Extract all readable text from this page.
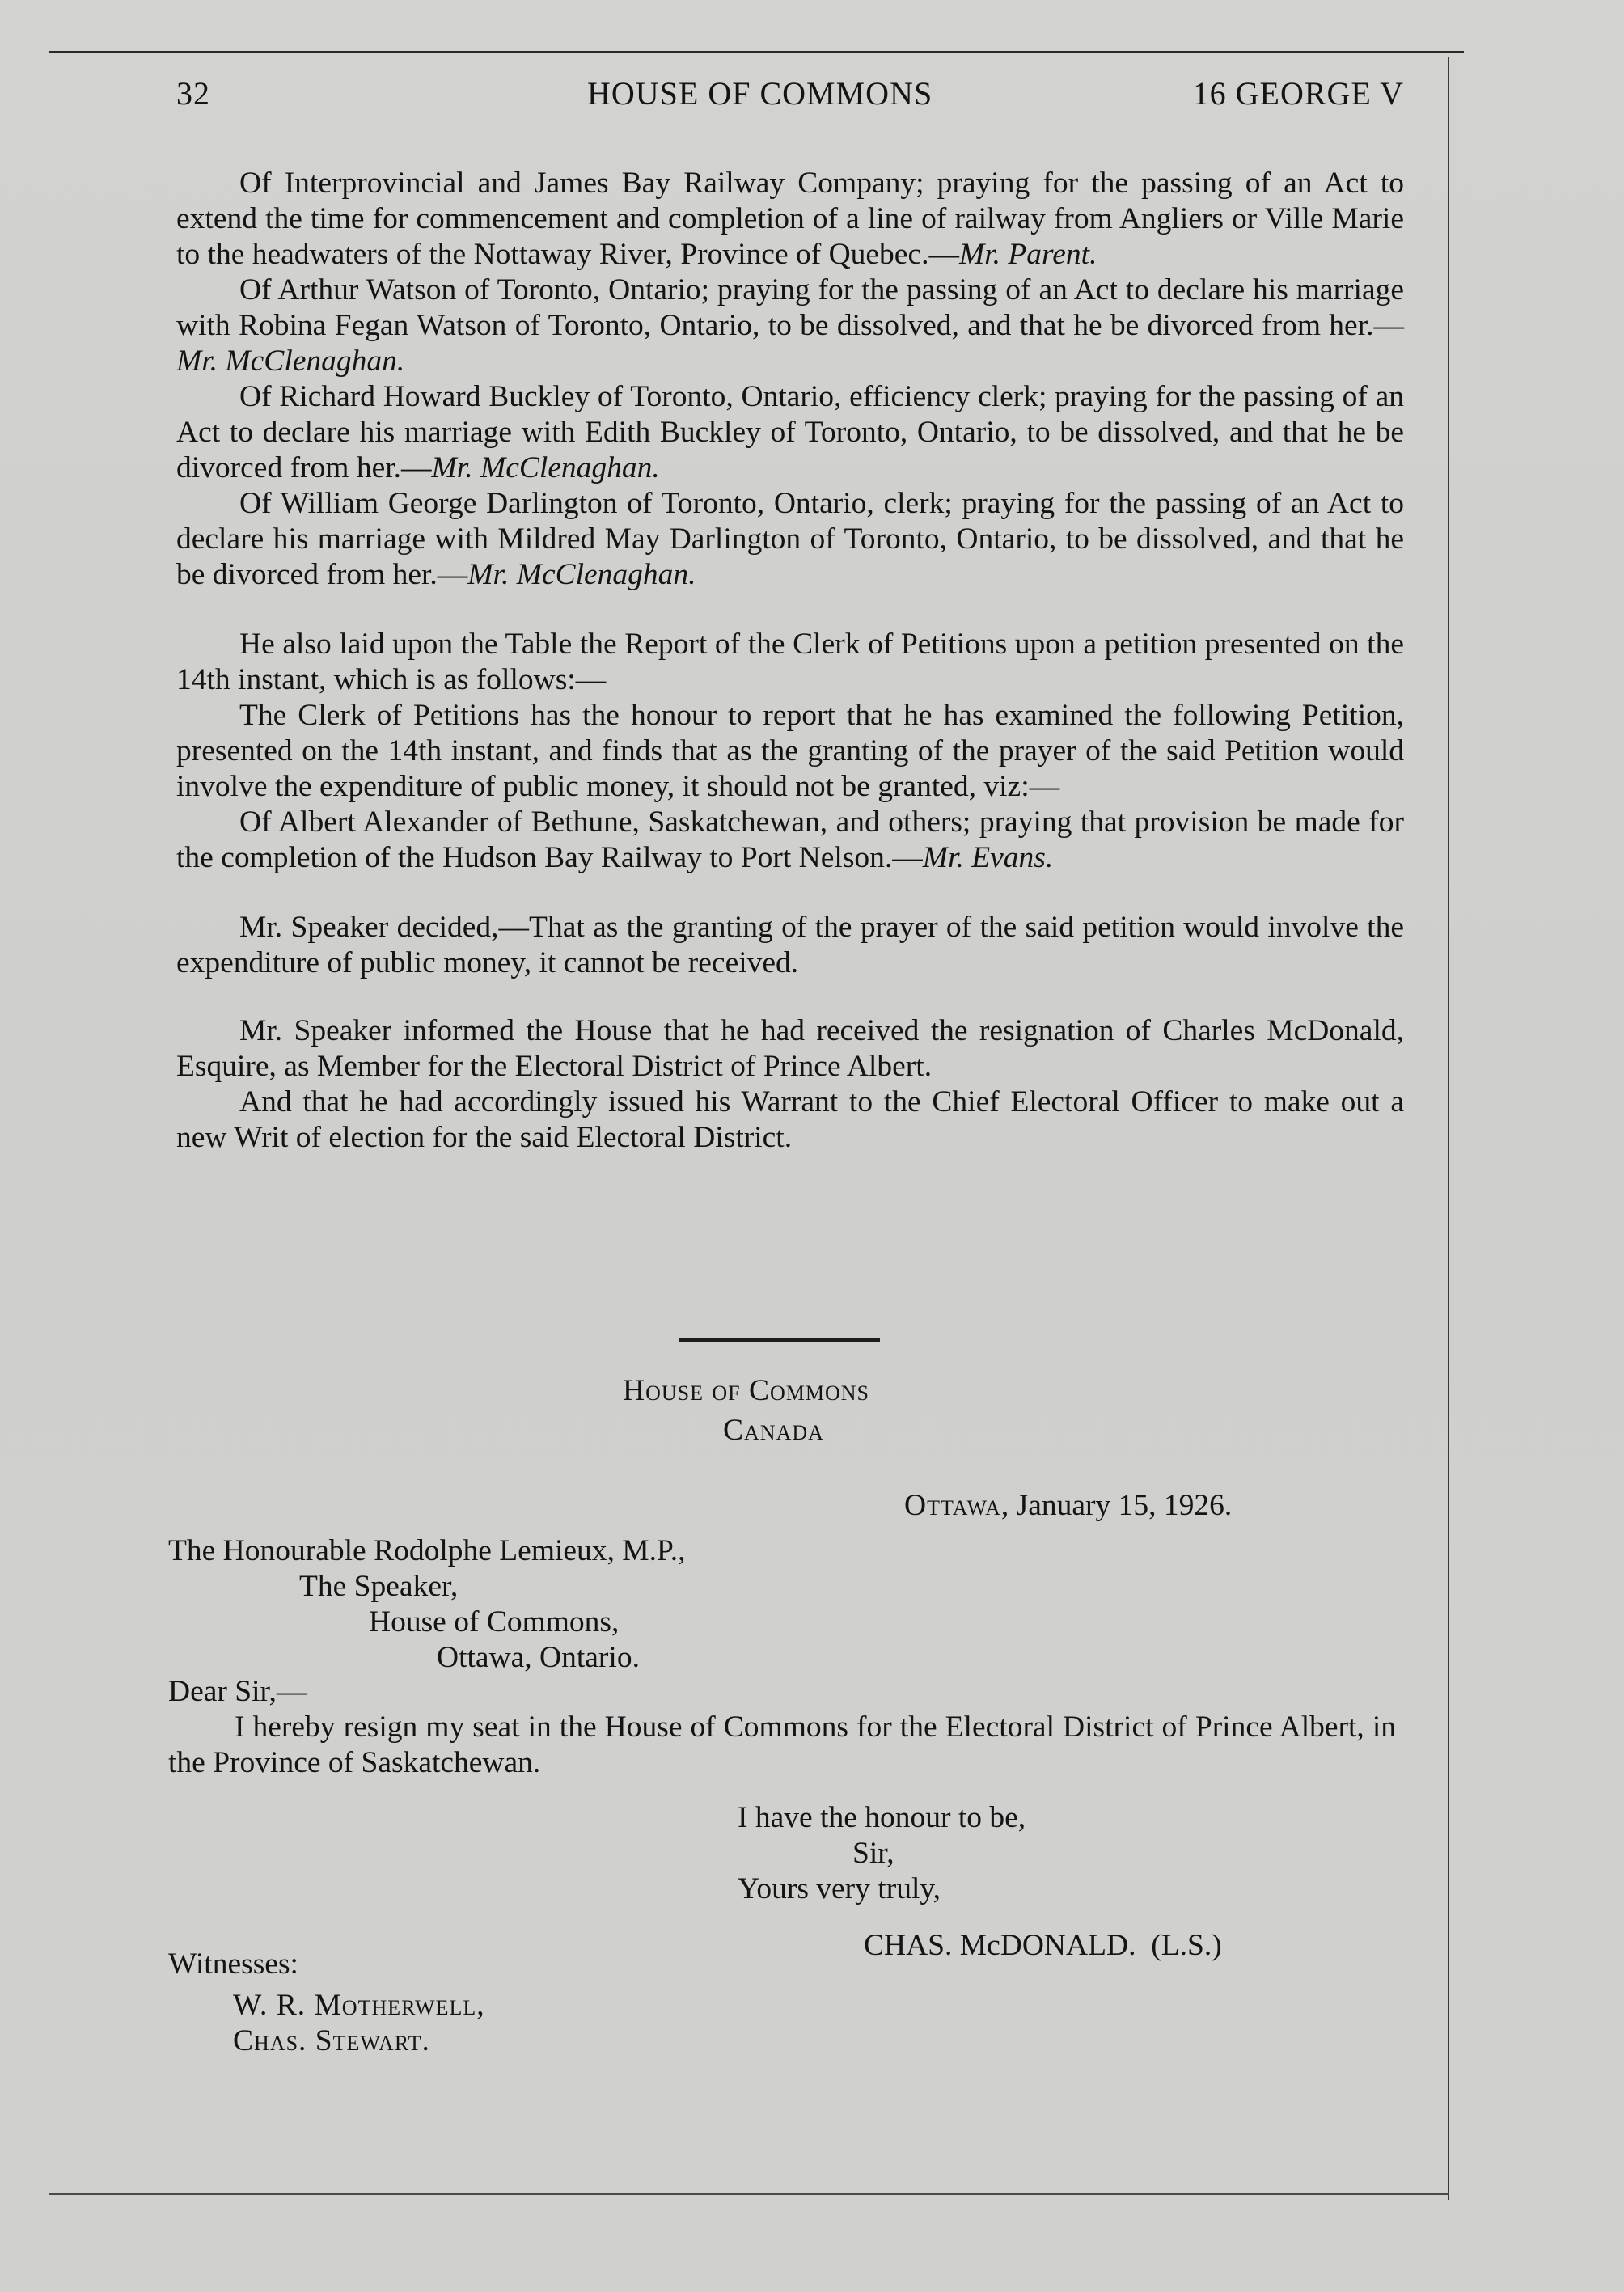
32	HOUSE OF COMMONS	16 GEORGE V

Of Interprovincial and James Bay Railway Company; praying for the passing of an Act to extend the time for commencement and completion of a line of railway from Angliers or Ville Marie to the headwaters of the Nottaway River, Province of Quebec.—Mr. Parent.

Of Arthur Watson of Toronto, Ontario; praying for the passing of an Act to declare his marriage with Robina Fegan Watson of Toronto, Ontario, to be dissolved, and that he be divorced from her.—Mr. McClenaghan.

Of Richard Howard Buckley of Toronto, Ontario, efficiency clerk; praying for the passing of an Act to declare his marriage with Edith Buckley of Toronto, Ontario, to be dissolved, and that he be divorced from her.—Mr. McClenaghan.

Of William George Darlington of Toronto, Ontario, clerk; praying for the passing of an Act to declare his marriage with Mildred May Darlington of Toronto, Ontario, to be dissolved, and that he be divorced from her.—Mr. McClenaghan.

He also laid upon the Table the Report of the Clerk of Petitions upon a petition presented on the 14th instant, which is as follows:—

The Clerk of Petitions has the honour to report that he has examined the following Petition, presented on the 14th instant, and finds that as the granting of the prayer of the said Petition would involve the expenditure of public money, it should not be granted, viz:—

Of Albert Alexander of Bethune, Saskatchewan, and others; praying that provision be made for the completion of the Hudson Bay Railway to Port Nelson.—Mr. Evans.

Mr. Speaker decided,—That as the granting of the prayer of the said petition would involve the expenditure of public money, it cannot be received.

Mr. Speaker informed the House that he had received the resignation of Charles McDonald, Esquire, as Member for the Electoral District of Prince Albert.

And that he had accordingly issued his Warrant to the Chief Electoral Officer to make out a new Writ of election for the said Electoral District.

House of Commons
Canada
Ottawa, January 15, 1926.
The Honourable Rodolphe Lemieux, M.P.,
The Speaker,
House of Commons,
Ottawa, Ontario.
Dear Sir,—
I hereby resign my seat in the House of Commons for the Electoral District of Prince Albert, in the Province of Saskatchewan.
I have the honour to be,
Sir,
Yours very truly,
CHAS. McDONALD. (L.S.)
Witnesses:
W. R. Motherwell,
Chas. Stewart.
